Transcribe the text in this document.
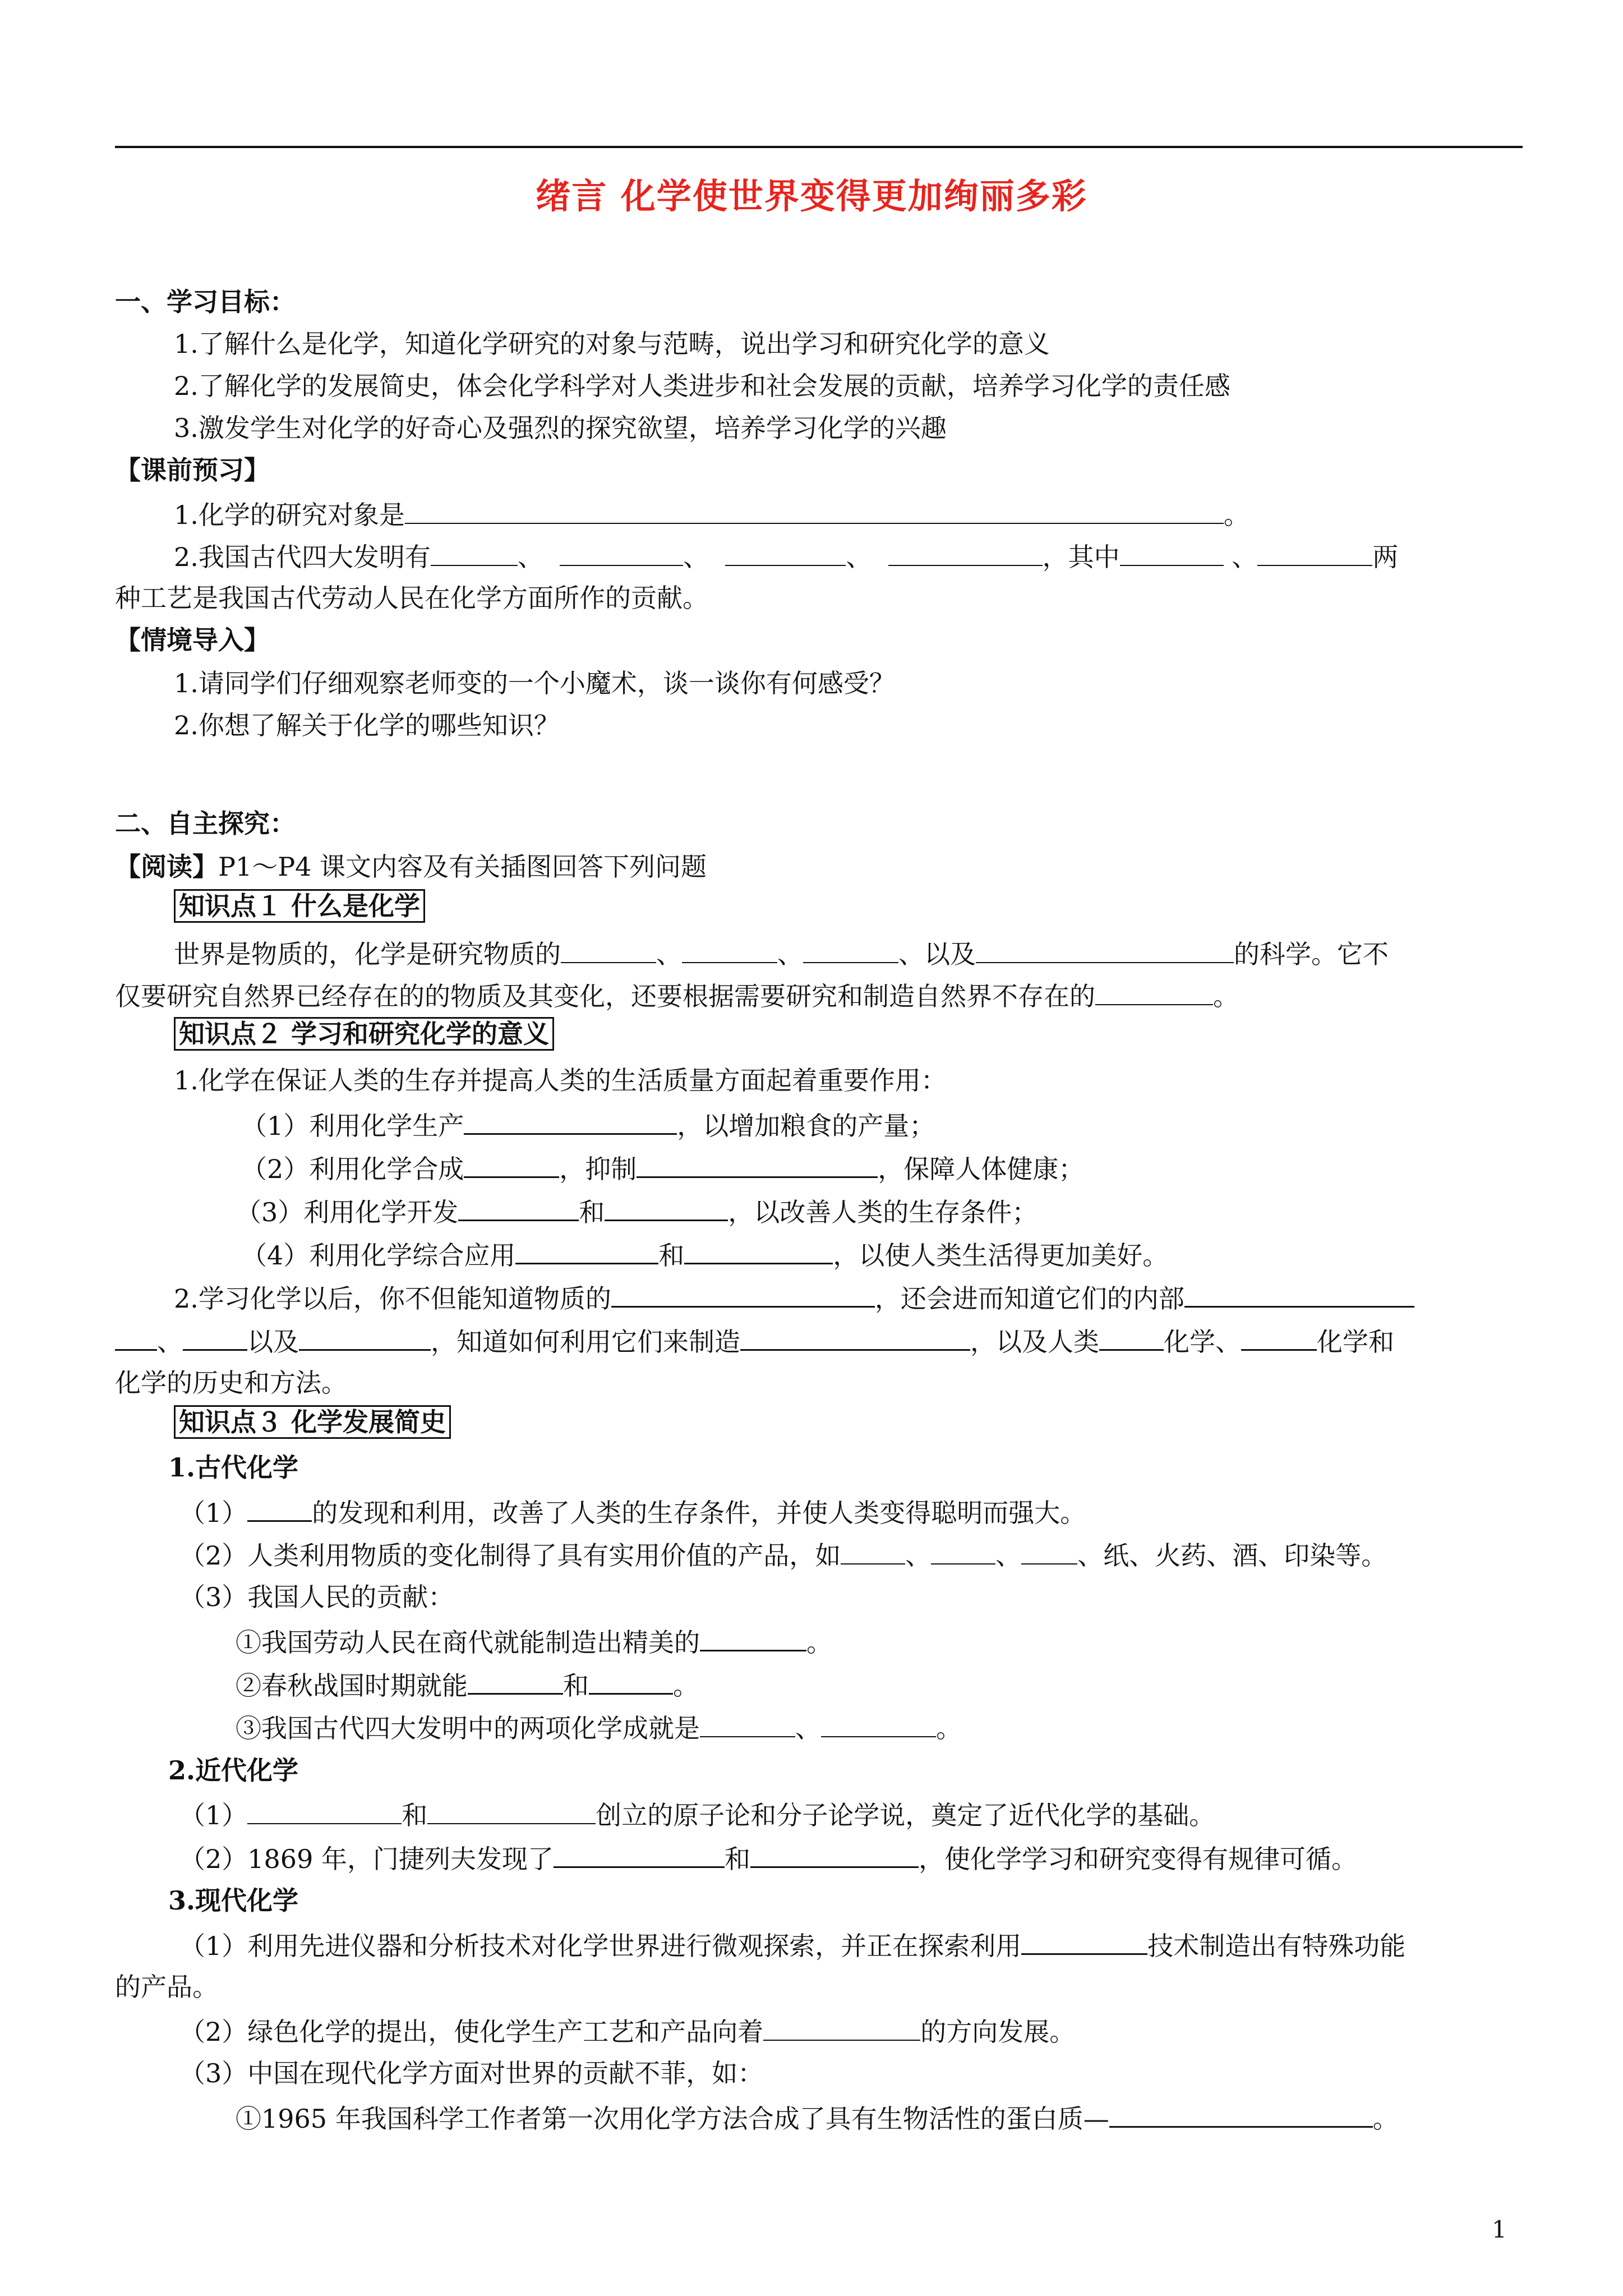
绪言 化学使世界变得更加绚丽多彩
一、学习目标：
1.了解什么是化学，知道化学研究的对象与范畴，说出学习和研究化学的意义
2.了解化学的发展简史，体会化学科学对人类进步和社会发展的贡献，培养学习化学的责任感
3.激发学生对化学的好奇心及强烈的探究欲望，培养学习化学的兴趣
【课前预习】
1.化学的研究对象是	。
2.我国古代四大发明有	、	、	、	，其中	、	两
种工艺是我国古代劳动人民在化学方面所作的贡献。
【情境导入】
1.请同学们仔细观察老师变的一个小魔术，谈一谈你有何感受？
2.你想了解关于化学的哪些知识？
二、自主探究：
【阅读】P1～P4 课文内容及有关插图回答下列问题
知识点１ 什么是化学
世界是物质的，化学是研究物质的	、	、	、以及	的科学。它不
仅要研究自然界已经存在的的物质及其变化，还要根据需要研究和制造自然界不存在的	。
知识点２ 学习和研究化学的意义
1.化学在保证人类的生存并提高人类的生活质量方面起着重要作用：
（1）利用化学生产	，以增加粮食的产量；
（2）利用化学合成	，抑制	，保障人体健康；
（3）利用化学开发	和	，以改善人类的生存条件；
（4）利用化学综合应用	和	，以使人类生活得更加美好。
2.学习化学以后，你不但能知道物质的	，还会进而知道它们的内部
、	以及	，知道如何利用它们来制造	，以及人类	化学、	化学和
化学的历史和方法。
知识点３ 化学发展简史
1.古代化学
（1）	的发现和利用，改善了人类的生存条件，并使人类变得聪明而强大。
（2）人类利用物质的变化制得了具有实用价值的产品，如	、	、 、纸、火药、酒、印染等。
（3）我国人民的贡献：
①我国劳动人民在商代就能制造出精美的	。
②春秋战国时期就能	和	。
③我国古代四大发明中的两项化学成就是	、	。
2.近代化学
（1）	和	创立的原子论和分子论学说，奠定了近代化学的基础。
（2）1869 年，门捷列夫发现了	和	，使化学学习和研究变得有规律可循。
3.现代化学
（1）利用先进仪器和分析技术对化学世界进行微观探索，并正在探索利用	技术制造出有特殊功能
的产品。
（2）绿色化学的提出，使化学生产工艺和产品向着	的方向发展。
（3）中国在现代化学方面对世界的贡献不菲，如：
①1965 年我国科学工作者第一次用化学方法合成了具有生物活性的蛋白质—	。
1
